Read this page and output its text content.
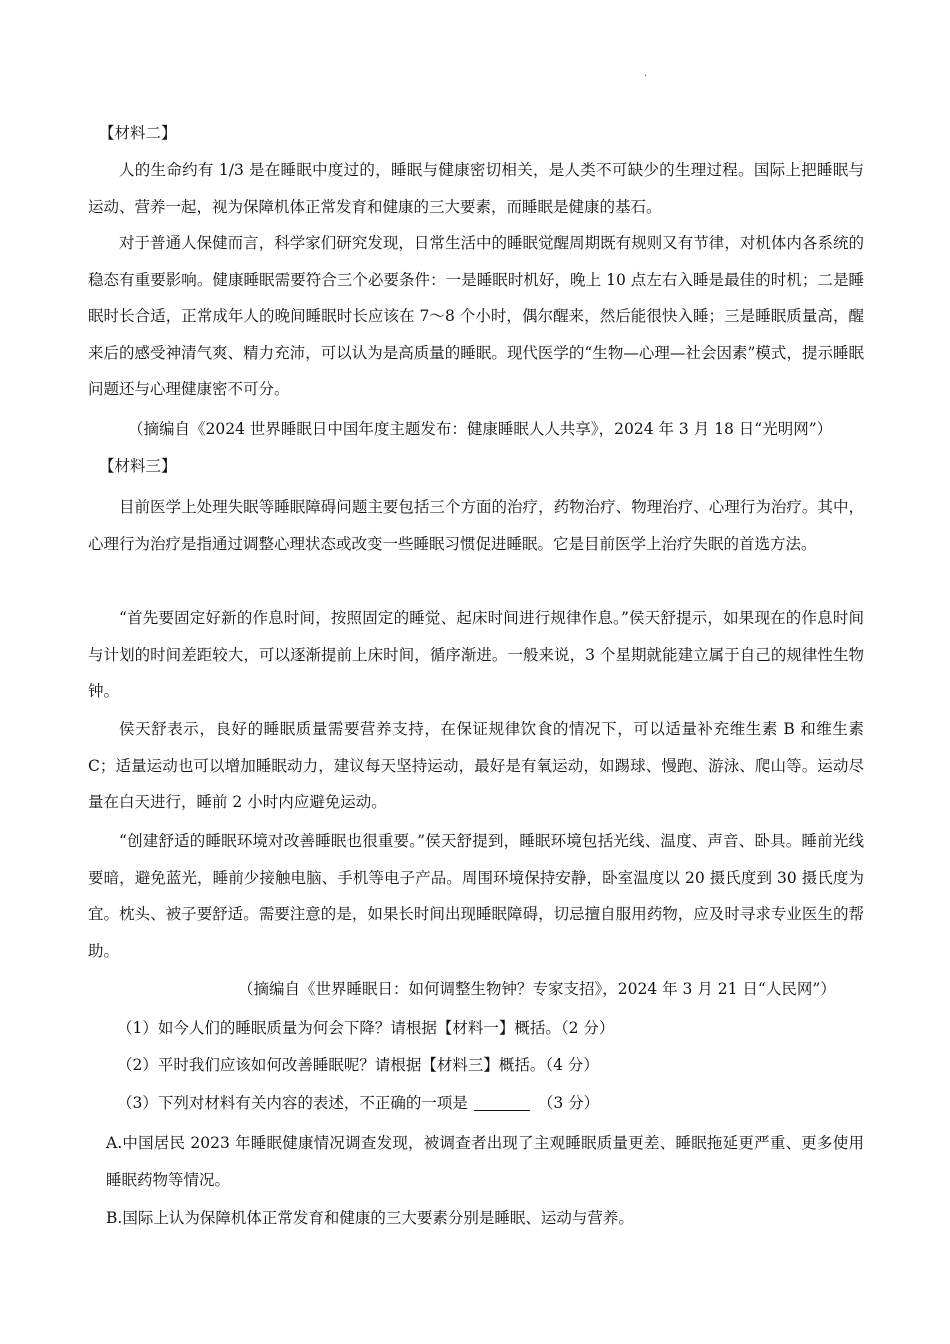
.

【材料二】

人的生命约有 1/3 是在睡眠中度过的，睡眠与健康密切相关，是人类不可缺少的生理过程。国际上把睡眠与运动、营养一起，视为保障机体正常发育和健康的三大要素，而睡眠是健康的基石。

对于普通人保健而言，科学家们研究发现，日常生活中的睡眠觉醒周期既有规则又有节律，对机体内各系统的稳态有重要影响。健康睡眠需要符合三个必要条件：一是睡眠时机好，晚上 10 点左右入睡是最佳的时机；二是睡眠时长合适，正常成年人的晚间睡眠时长应该在 7～8 个小时，偶尔醒来，然后能很快入睡；三是睡眠质量高，醒来后的感受神清气爽、精力充沛，可以认为是高质量的睡眠。现代医学的“生物—心理—社会因素”模式，提示睡眠问题还与心理健康密不可分。

（摘编自《2024 世界睡眠日中国年度主题发布：健康睡眠人人共享》，2024 年 3 月 18 日“光明网”）

【材料三】

目前医学上处理失眠等睡眠障碍问题主要包括三个方面的治疗，药物治疗、物理治疗、心理行为治疗。其中，心理行为治疗是指通过调整心理状态或改变一些睡眠习惯促进睡眠。它是目前医学上治疗失眠的首选方法。

“首先要固定好新的作息时间，按照固定的睡觉、起床时间进行规律作息。”侯天舒提示，如果现在的作息时间与计划的时间差距较大，可以逐渐提前上床时间，循序渐进。一般来说，3 个星期就能建立属于自己的规律性生物钟。

侯天舒表示，良好的睡眠质量需要营养支持，在保证规律饮食的情况下，可以适量补充维生素 B 和维生素 C；适量运动也可以增加睡眠动力，建议每天坚持运动，最好是有氧运动，如踢球、慢跑、游泳、爬山等。运动尽量在白天进行，睡前 2 小时内应避免运动。

“创建舒适的睡眠环境对改善睡眠也很重要。”侯天舒提到，睡眠环境包括光线、温度、声音、卧具。睡前光线要暗，避免蓝光，睡前少接触电脑、手机等电子产品。周围环境保持安静，卧室温度以 20 摄氏度到 30 摄氏度为宜。枕头、被子要舒适。需要注意的是，如果长时间出现睡眠障碍，切忌擅自服用药物，应及时寻求专业医生的帮助。

（摘编自《世界睡眠日：如何调整生物钟？专家支招》，2024 年 3 月 21 日“人民网”）

（1）如今人们的睡眠质量为何会下降？请根据【材料一】概括。（2 分）

（2）平时我们应该如何改善睡眠呢？请根据【材料三】概括。（4 分）

（3）下列对材料有关内容的表述，不正确的一项是	（3 分）

A.中国居民 2023 年睡眠健康情况调查发现，被调查者出现了主观睡眠质量更差、睡眠拖延更严重、更多使用睡眠药物等情况。

B.国际上认为保障机体正常发育和健康的三大要素分别是睡眠、运动与营养。
